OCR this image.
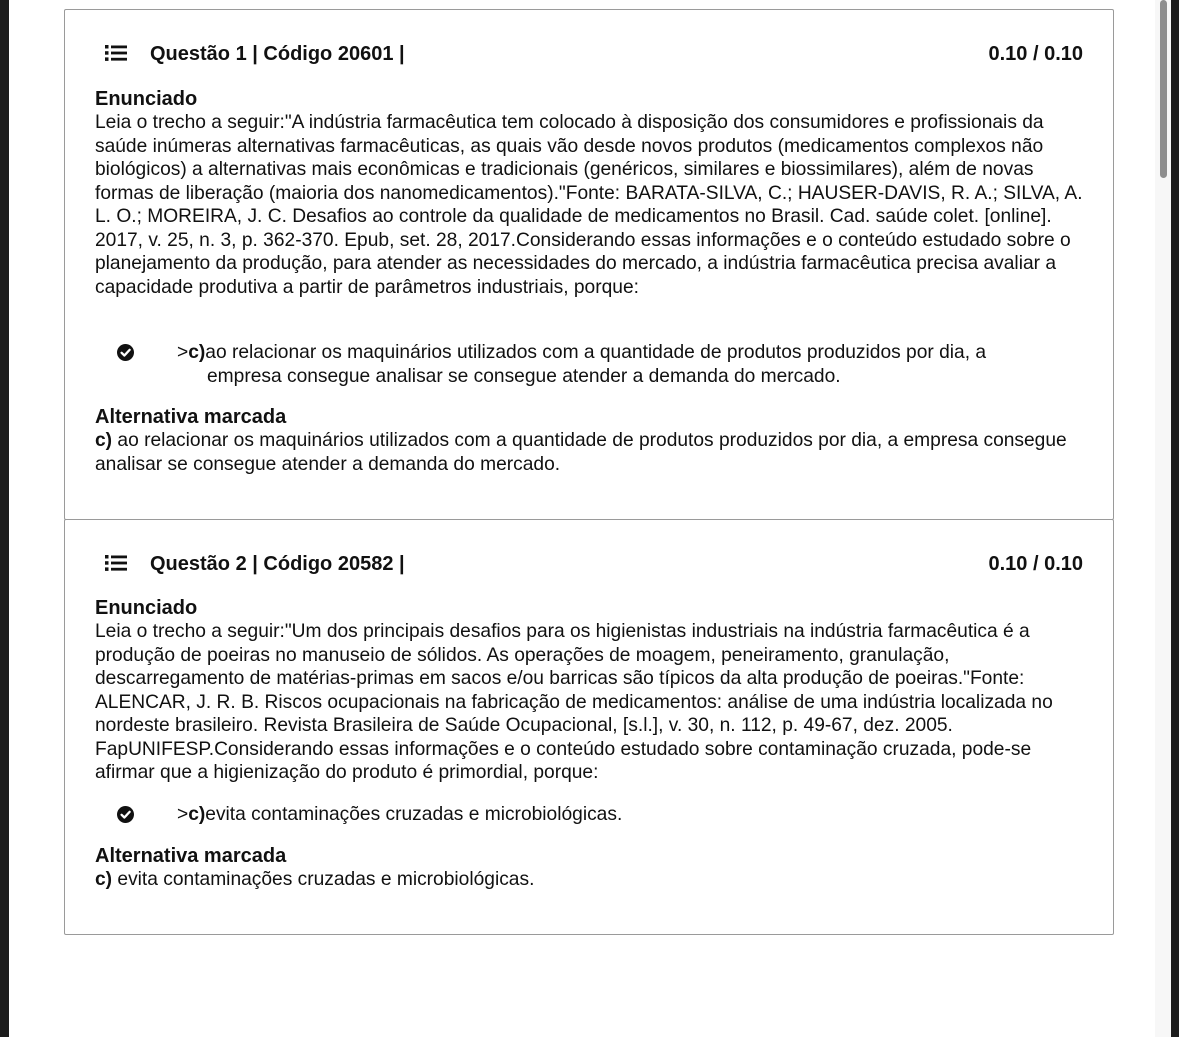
Questão 1 | Código 20601 |	0.10 / 0.10

Enunciado

Leia o trecho a seguir:"A indústria farmacêutica tem colocado à disposição dos consumidores e profissionais da saúde inúmeras alternativas farmacêuticas, as quais vão desde novos produtos (medicamentos complexos não biológicos) a alternativas mais econômicas e tradicionais (genéricos, similares e biossimilares), além de novas formas de liberação (maioria dos nanomedicamentos)."Fonte: BARATA-SILVA, C.; HAUSER-DAVIS, R. A.; SILVA, A. L. O.; MOREIRA, J. C. Desafios ao controle da qualidade de medicamentos no Brasil. Cad. saúde colet. [online]. 2017, v. 25, n. 3, p. 362-370. Epub, set. 28, 2017.Considerando essas informações e o conteúdo estudado sobre o planejamento da produção, para atender as necessidades do mercado, a indústria farmacêutica precisa avaliar a capacidade produtiva a partir de parâmetros industriais, porque:

>c)ao relacionar os maquinários utilizados com a quantidade de produtos produzidos por dia, a empresa consegue analisar se consegue atender a demanda do mercado.

Alternativa marcada

c) ao relacionar os maquinários utilizados com a quantidade de produtos produzidos por dia, a empresa consegue analisar se consegue atender a demanda do mercado.

Questão 2 | Código 20582 |	0.10 / 0.10

Enunciado

Leia o trecho a seguir:"Um dos principais desafios para os higienistas industriais na indústria farmacêutica é a produção de poeiras no manuseio de sólidos. As operações de moagem, peneiramento, granulação, descarregamento de matérias-primas em sacos e/ou barricas são típicos da alta produção de poeiras."Fonte: ALENCAR, J. R. B. Riscos ocupacionais na fabricação de medicamentos: análise de uma indústria localizada no nordeste brasileiro. Revista Brasileira de Saúde Ocupacional, [s.l.], v. 30, n. 112, p. 49-67, dez. 2005. FapUNIFESP.Considerando essas informações e o conteúdo estudado sobre contaminação cruzada, pode-se afirmar que a higienização do produto é primordial, porque:

>c)evita contaminações cruzadas e microbiológicas.

Alternativa marcada

c) evita contaminações cruzadas e microbiológicas.
